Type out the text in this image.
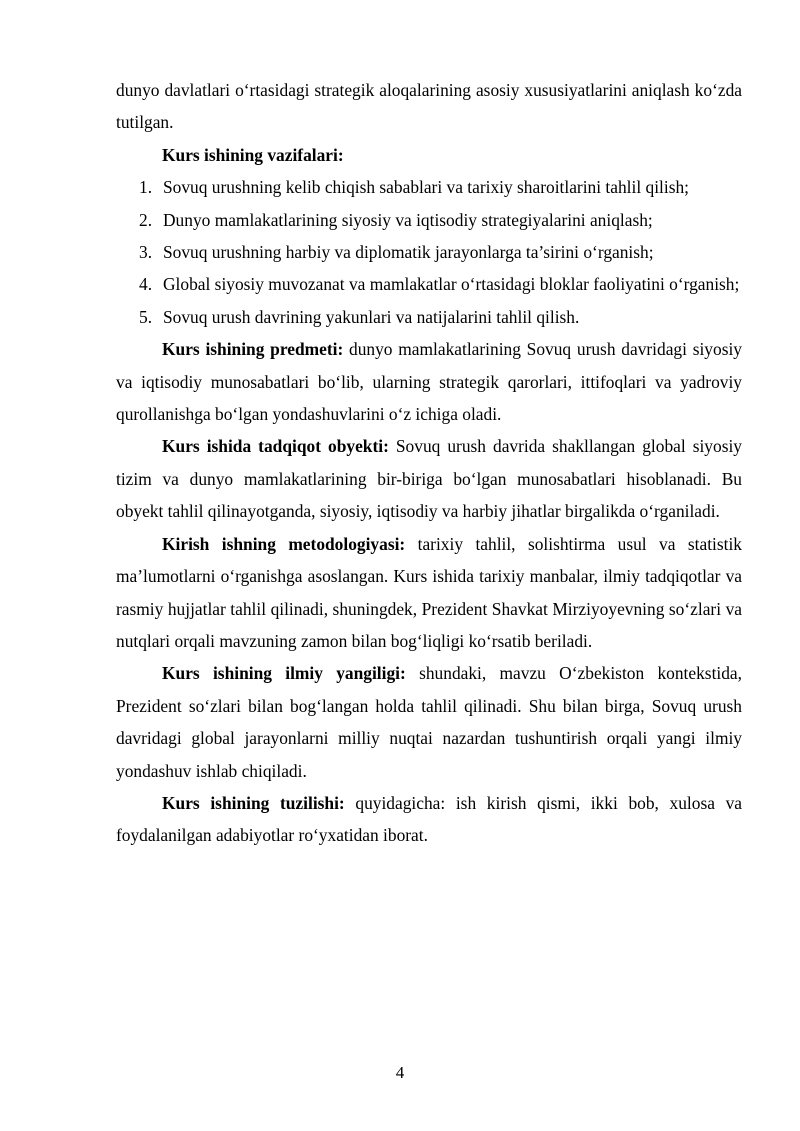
dunyo davlatlari o‘rtasidagi strategik aloqalarining asosiy xususiyatlarini aniqlash ko‘zda tutilgan.

Kurs ishining vazifalari:

1. Sovuq urushning kelib chiqish sabablari va tarixiy sharoitlarini tahlil qilish;
2. Dunyo mamlakatlarining siyosiy va iqtisodiy strategiyalarini aniqlash;
3. Sovuq urushning harbiy va diplomatik jarayonlarga ta’sirini o‘rganish;
4. Global siyosiy muvozanat va mamlakatlar o‘rtasidagi bloklar faoliyatini o‘rganish;
5. Sovuq urush davrining yakunlari va natijalarini tahlil qilish.

Kurs ishining predmeti: dunyo mamlakatlarining Sovuq urush davridagi siyosiy va iqtisodiy munosabatlari bo‘lib, ularning strategik qarorlari, ittifoqlari va yadroviy qurollanishga bo‘lgan yondashuvlarini o‘z ichiga oladi.

Kurs ishida tadqiqot obyekti: Sovuq urush davrida shakllangan global siyosiy tizim va dunyo mamlakatlarining bir-biriga bo‘lgan munosabatlari hisoblanadi. Bu obyekt tahlil qilinayotganda, siyosiy, iqtisodiy va harbiy jihatlar birgalikda o‘rganiladi.

Kirish ishning metodologiyasi: tarixiy tahlil, solishtirma usul va statistik ma’lumotlarni o‘rganishga asoslangan. Kurs ishida tarixiy manbalar, ilmiy tadqiqotlar va rasmiy hujjatlar tahlil qilinadi, shuningdek, Prezident Shavkat Mirziyoyevning so‘zlari va nutqlari orqali mavzuning zamon bilan bog‘liqligi ko‘rsatib beriladi.

Kurs ishining ilmiy yangiligi: shundaki, mavzu O‘zbekiston kontekstida, Prezident so‘zlari bilan bog‘langan holda tahlil qilinadi. Shu bilan birga, Sovuq urush davridagi global jarayonlarni milliy nuqtai nazardan tushuntirish orqali yangi ilmiy yondashuv ishlab chiqiladi.

Kurs ishining tuzilishi: quyidagicha: ish kirish qismi, ikki bob, xulosa va foydalanilgan adabiyotlar ro‘yxatidan iborat.

4
